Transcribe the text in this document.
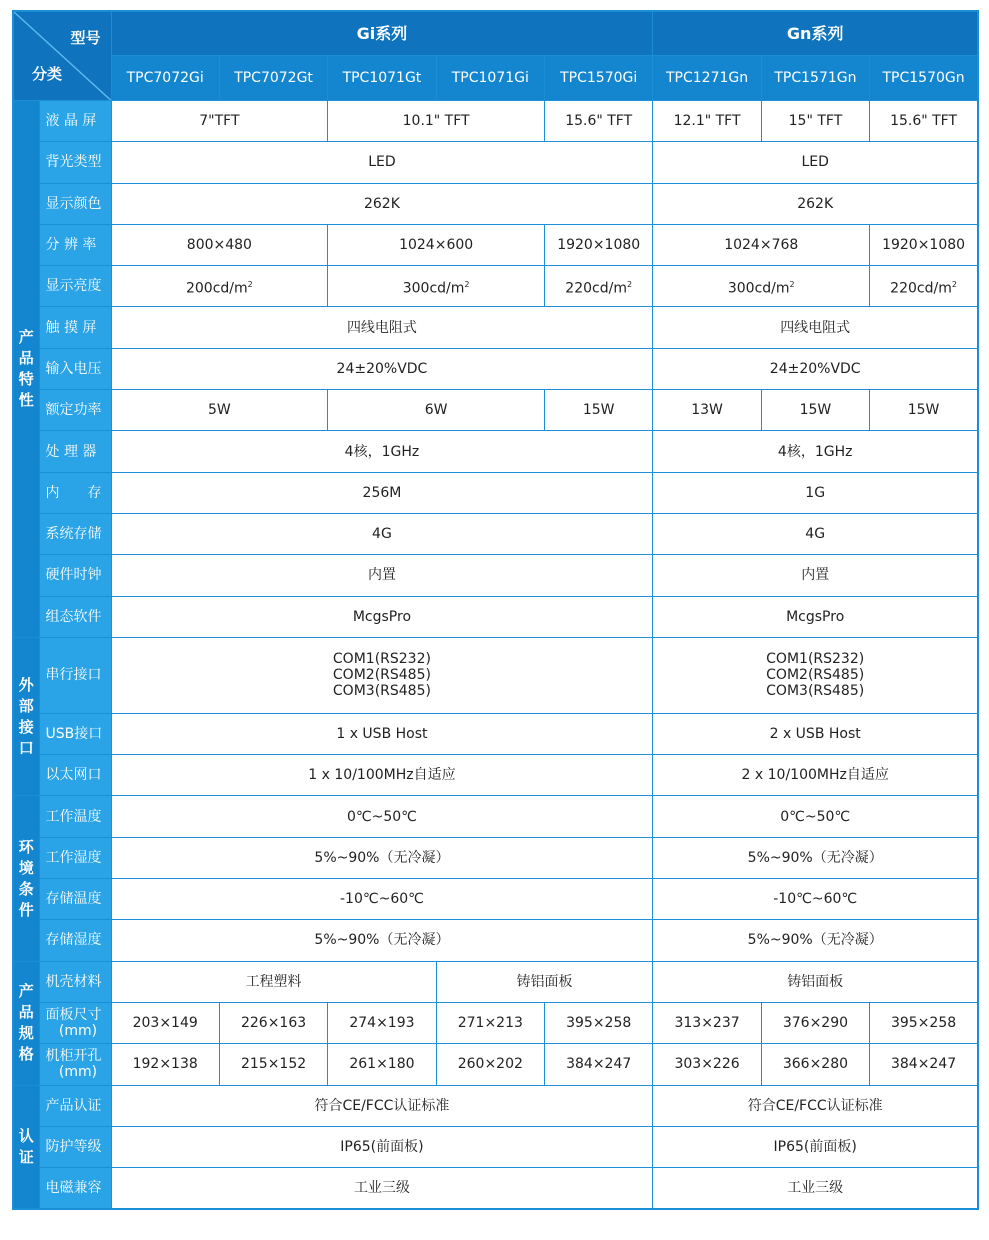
型号
分类		Gi系列					Gn系列		
		TPC7072Gi	TPC7072Gt	TPC1071Gt	TPC1071Gi	TPC1570Gi	TPC1271Gn	TPC1571Gn	TPC1570Gn

产品特性	液 晶 屏	7"TFT		10.1" TFT		15.6" TFT	12.1" TFT	15" TFT	15.6" TFT
	背光类型	LED					LED		
	显示颜色	262K					262K		
	分 辨 率	800×480		1024×600		1920×1080	1024×768		1920×1080
	显示亮度	$200cd/m^2$		$300cd/m^2$		$220cd/m^2$	$300cd/m^2$		$220cd/m^2$
	触 摸 屏	四线电阻式					四线电阻式		
	输入电压	24±20%VDC					24±20%VDC		
	额定功率	5W		6W		15W	13W	15W	15W
	处 理 器	4核，1GHz					4核，1GHz		
	内　　存	256M					1G		
	系统存储	4G					4G		
	硬件时钟	内置					内置		
	组态软件	McgsPro					McgsPro		

外部接口	串行接口	COM1(RS232)
COM2(RS485)
COM3(RS485)					COM1(RS232)
COM2(RS485)
COM3(RS485)		

	USB接口	1 x USB Host					2 x USB Host		
	以太网口	1 x 10/100MHz自适应					2 x 10/100MHz自适应		

环境条件	工作温度	0℃~50℃					0℃~50℃		
	工作湿度	5%~90%（无冷凝）					5%~90%（无冷凝）		
	存储温度	-10℃~60℃					-10℃~60℃		
	存储湿度	5%~90%（无冷凝）					5%~90%（无冷凝）		

产品规格	机壳材料	工程塑料			铸铝面板		铸铝面板		

	面板尺寸
(mm)	203×149	226×163	274×193	271×213	395×258	313×237	376×290	395×258

	机柜开孔
(mm)	192×138	215×152	261×180	260×202	384×247	303×226	366×280	384×247

认证	产品认证	符合CE/FCC认证标准					符合CE/FCC认证标准		
	防护等级	IP65(前面板)					IP65(前面板)		
	电磁兼容	工业三级					工业三级		
